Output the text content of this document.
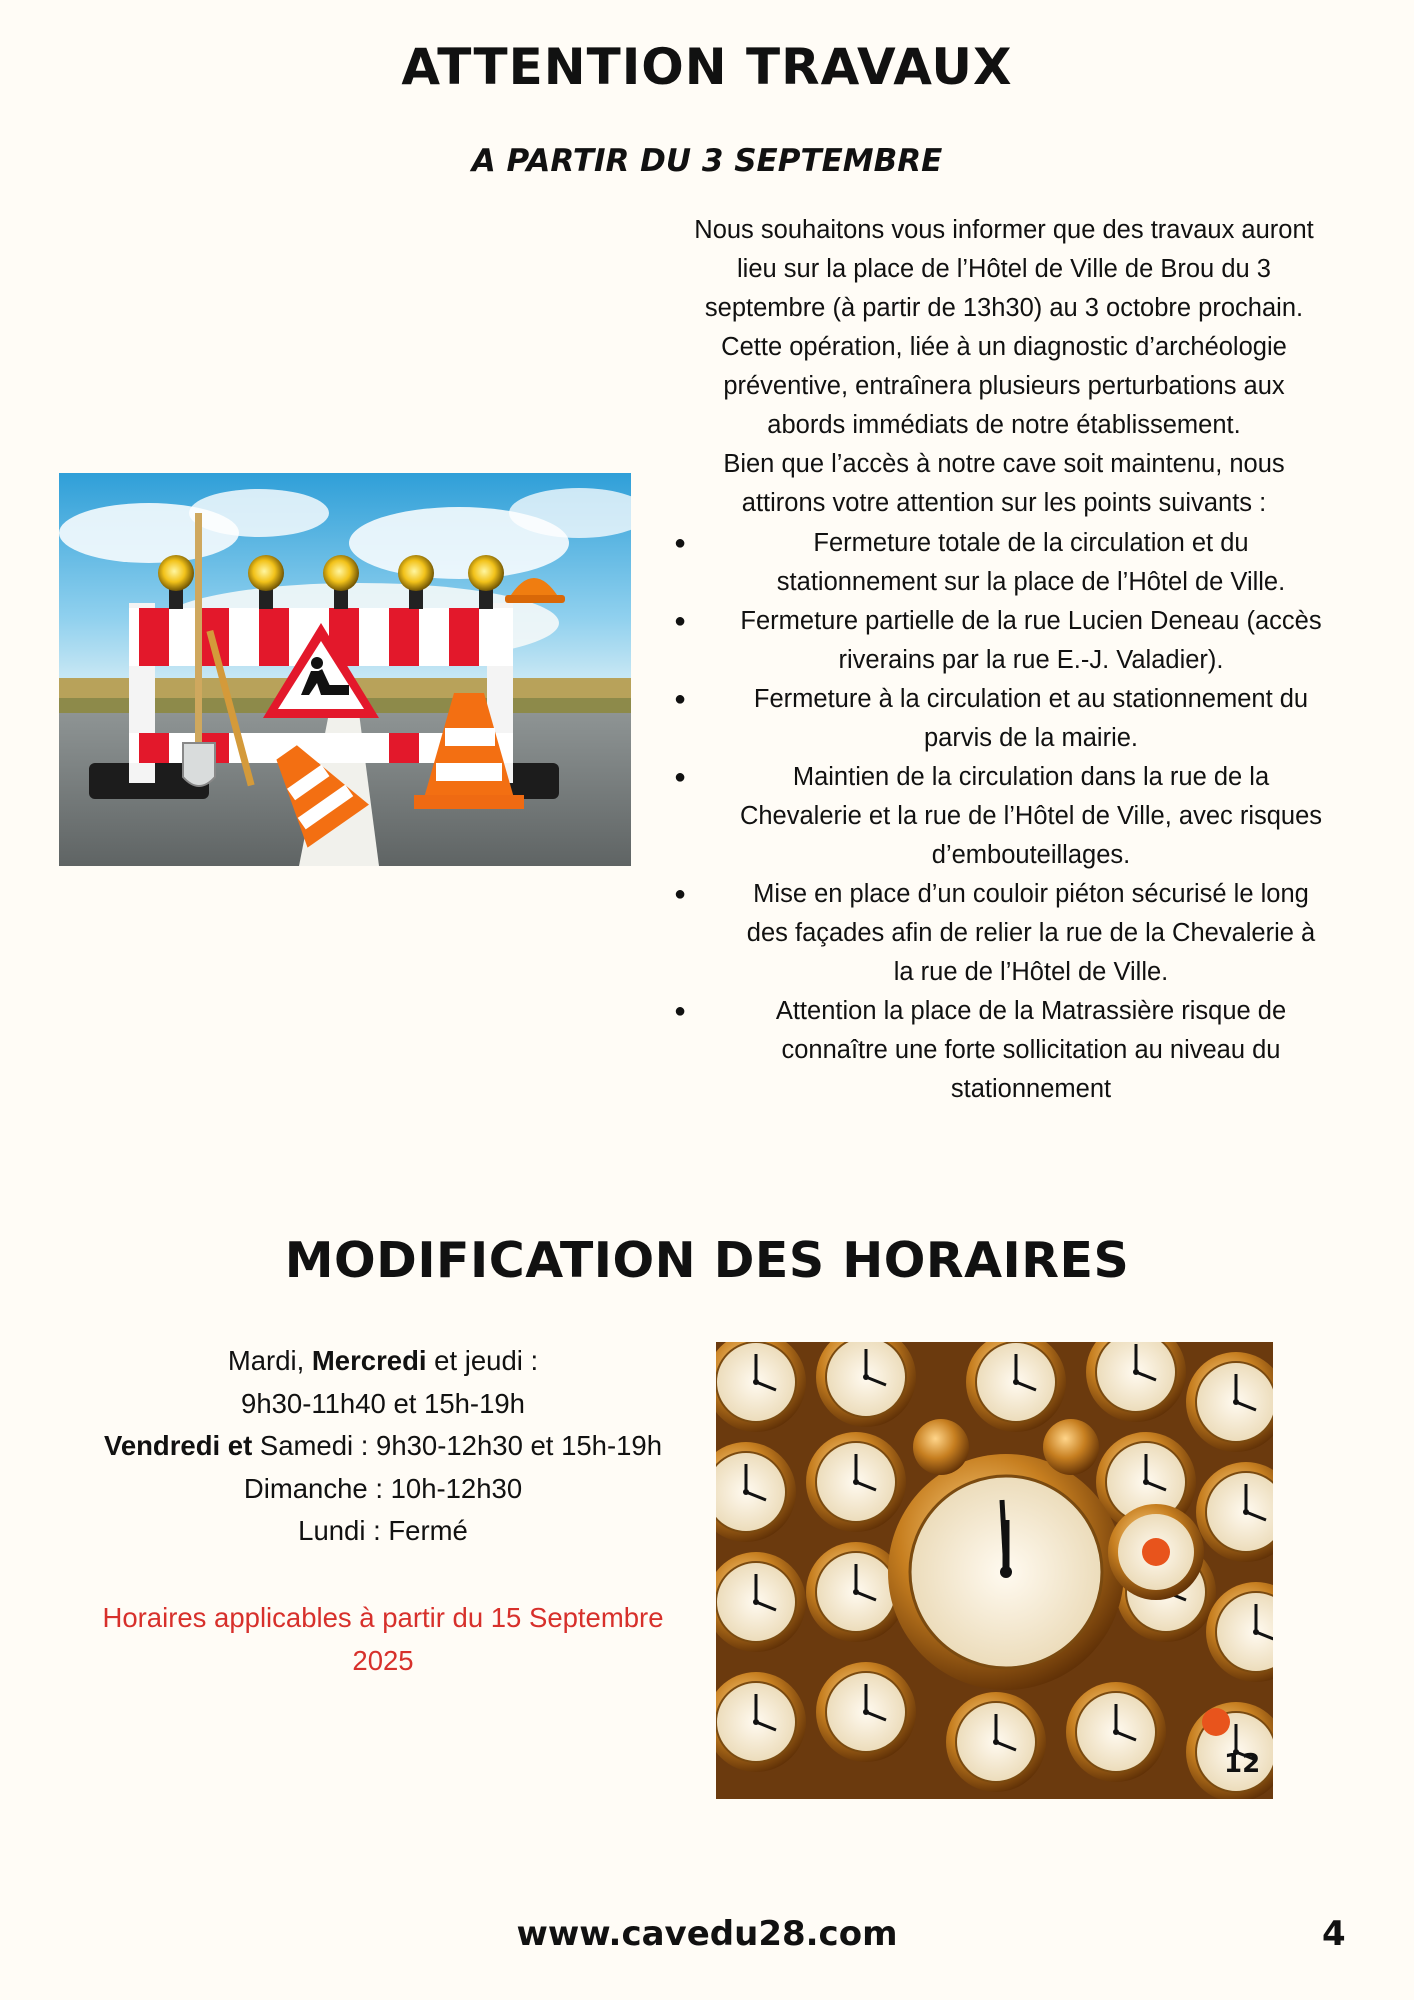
ATTENTION TRAVAUX
A PARTIR DU 3 SEPTEMBRE

Nous souhaitons vous informer que des travaux auront

lieu sur la place de l’Hôtel de Ville de Brou du 3

septembre (à partir de 13h30) au 3 octobre prochain.

Cette opération, liée à un diagnostic d’archéologie

préventive, entraînera plusieurs perturbations aux

abords immédiats de notre établissement.

Bien que l’accès à notre cave soit maintenu, nous

attirons votre attention sur les points suivants :

●	Fermeture totale de la circulation et du
stationnement sur la place de l’Hôtel de Ville.
●	Fermeture partielle de la rue Lucien Deneau (accès
riverains par la rue E.-J. Valadier).
●	Fermeture à la circulation et au stationnement du
parvis de la mairie.
●	Maintien de la circulation dans la rue de la
Chevalerie et la rue de l’Hôtel de Ville, avec risques
d’embouteillages.
●	Mise en place d’un couloir piéton sécurisé le long
des façades afin de relier la rue de la Chevalerie à
la rue de l’Hôtel de Ville.
●	Attention la place de la Matrassière risque de
connaître une forte sollicitation au niveau du
stationnement
MODIFICATION DES HORAIRES

Mardi, Mercredi et jeudi :

9h30-11h40 et 15h-19h

Vendredi et Samedi : 9h30-12h30 et 15h-19h

Dimanche : 10h-12h30

Lundi : Fermé

Horaires applicables à partir du 15 Septembre
2025
12
www.cavedu28.com	4
